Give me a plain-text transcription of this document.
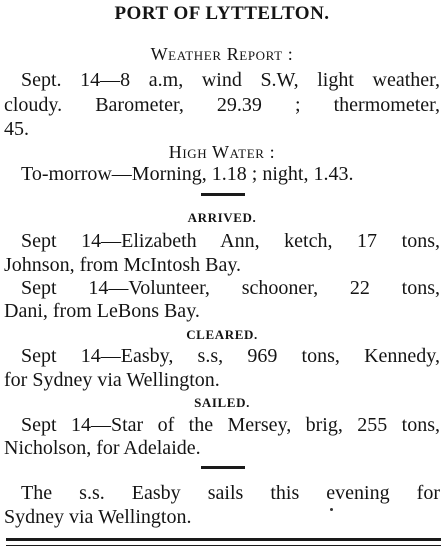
PORT OF LYTTELTON.
Weather Report :
Sept. 14—8 a.m, wind S.W, light weather,
cloudy. Barometer, 29.39 ; thermometer,
45.
High Water :
To-morrow—Morning, 1.18 ; night, 1.43.
ARRIVED.
Sept 14—Elizabeth Ann, ketch, 17 tons,
Johnson, from McIntosh Bay.
Sept 14—Volunteer, schooner, 22 tons,
Dani, from LeBons Bay.
CLEARED.
Sept 14—Easby, s.s, 969 tons, Kennedy,
for Sydney via Wellington.
SAILED.
Sept 14—Star of the Mersey, brig, 255 tons,
Nicholson, for Adelaide.
The s.s. Easby sails this evening for
Sydney via Wellington.
